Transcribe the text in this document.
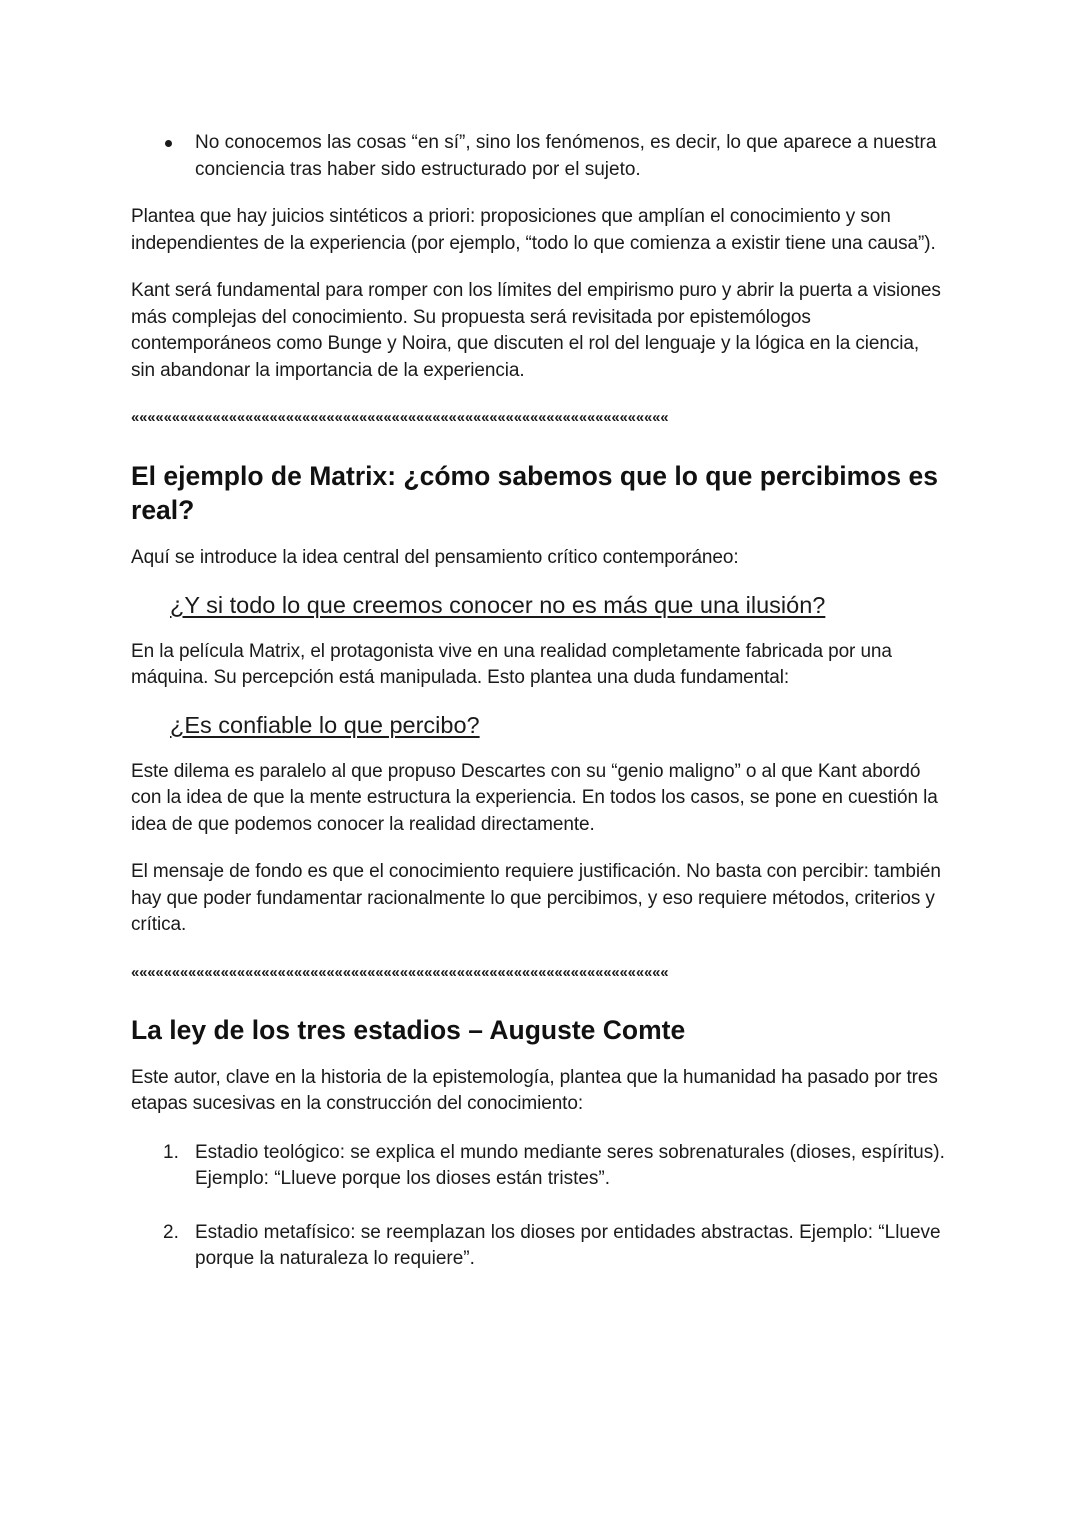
No conocemos las cosas “en sí”, sino los fenómenos, es decir, lo que aparece a nuestra conciencia tras haber sido estructurado por el sujeto.

Plantea que hay juicios sintéticos a priori: proposiciones que amplían el conocimiento y son independientes de la experiencia (por ejemplo, “todo lo que comienza a existir tiene una causa”).

Kant será fundamental para romper con los límites del empirismo puro y abrir la puerta a visiones más complejas del conocimiento. Su propuesta será revisitada por epistemólogos contemporáneos como Bunge y Noira, que discuten el rol del lenguaje y la lógica en la ciencia, sin abandonar la importancia de la experiencia.

««««««««««««««««««««««««««««««««««««««««««««««««««««««««««««««««««
El ejemplo de Matrix: ¿cómo sabemos que lo que percibimos es real?

Aquí se introduce la idea central del pensamiento crítico contemporáneo:

¿Y si todo lo que creemos conocer no es más que una ilusión?

En la película Matrix, el protagonista vive en una realidad completamente fabricada por una máquina. Su percepción está manipulada. Esto plantea una duda fundamental:

¿Es confiable lo que percibo?

Este dilema es paralelo al que propuso Descartes con su “genio maligno” o al que Kant abordó con la idea de que la mente estructura la experiencia. En todos los casos, se pone en cuestión la idea de que podemos conocer la realidad directamente.

El mensaje de fondo es que el conocimiento requiere justificación. No basta con percibir: también hay que poder fundamentar racionalmente lo que percibimos, y eso requiere métodos, criterios y crítica.

««««««««««««««««««««««««««««««««««««««««««««««««««««««««««««««««««
La ley de los tres estadios – Auguste Comte

Este autor, clave en la historia de la epistemología, plantea que la humanidad ha pasado por tres etapas sucesivas en la construcción del conocimiento:

1. Estadio teológico: se explica el mundo mediante seres sobrenaturales (dioses, espíritus). Ejemplo: “Llueve porque los dioses están tristes”.
2. Estadio metafísico: se reemplazan los dioses por entidades abstractas. Ejemplo: “Llueve porque la naturaleza lo requiere”.
